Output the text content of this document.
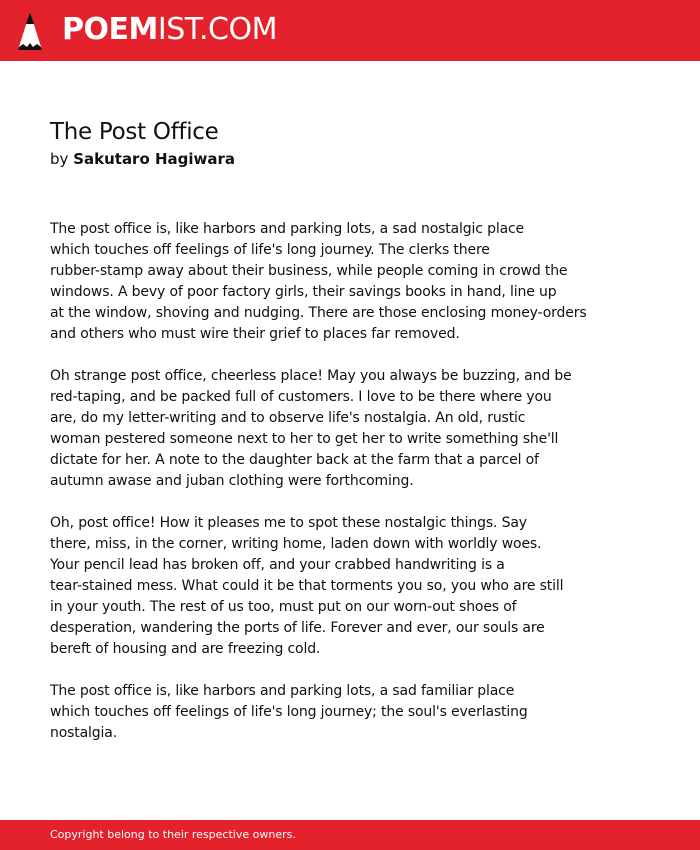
POEMIST.COM
The Post Office
by Sakutaro Hagiwara
The post office is, like harbors and parking lots, a sad nostalgic place
which touches off feelings of life's long journey. The clerks there
rubber-stamp away about their business, while people coming in crowd the
windows. A bevy of poor factory girls, their savings books in hand, line up
at the window, shoving and nudging. There are those enclosing money-orders
and others who must wire their grief to places far removed.
Oh strange post office, cheerless place! May you always be buzzing, and be
red-taping, and be packed full of customers. I love to be there where you
are, do my letter-writing and to observe life's nostalgia. An old, rustic
woman pestered someone next to her to get her to write something she'll
dictate for her. A note to the daughter back at the farm that a parcel of
autumn awase and juban clothing were forthcoming.
Oh, post office! How it pleases me to spot these nostalgic things. Say
there, miss, in the corner, writing home, laden down with worldly woes.
Your pencil lead has broken off, and your crabbed handwriting is a
tear-stained mess. What could it be that torments you so, you who are still
in your youth. The rest of us too, must put on our worn-out shoes of
desperation, wandering the ports of life. Forever and ever, our souls are
bereft of housing and are freezing cold.
The post office is, like harbors and parking lots, a sad familiar place
which touches off feelings of life's long journey; the soul's everlasting
nostalgia.
Copyright belong to their respective owners.
